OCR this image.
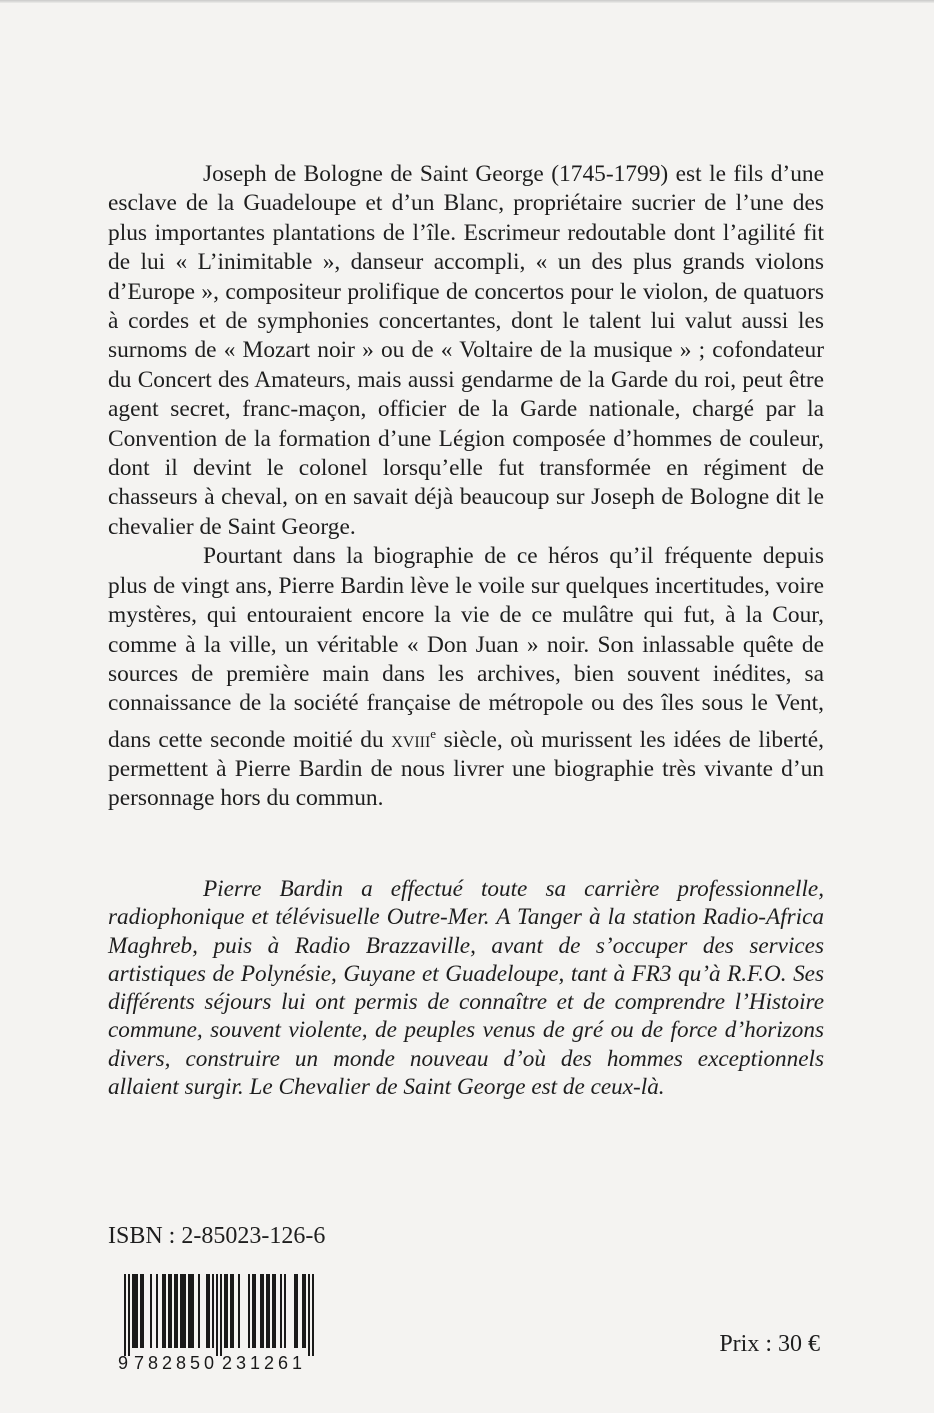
Joseph de Bologne de Saint George (1745-1799) est le fils d’une esclave de la Guadeloupe et d’un Blanc, propriétaire sucrier de l’une des plus importantes plantations de l’île. Escrimeur redoutable dont l’agilité fit de lui « L’inimitable », danseur accompli, « un des plus grands violons d’Europe », compositeur prolifique de concertos pour le violon, de quatuors à cordes et de symphonies concertantes, dont le talent lui valut aussi les surnoms de « Mozart noir » ou de « Voltaire de la musique » ; cofondateur du Concert des Amateurs, mais aussi gendarme de la Garde du roi, peut être agent secret, franc-maçon, officier de la Garde nationale, chargé par la Convention de la formation d’une Légion composée d’hommes de couleur, dont il devint le colonel lorsqu’elle fut transformée en régiment de chasseurs à cheval, on en savait déjà beaucoup sur Joseph de Bologne dit le chevalier de Saint George.

Pourtant dans la biographie de ce héros qu’il fréquente depuis plus de vingt ans, Pierre Bardin lève le voile sur quelques incertitudes, voire mystères, qui entouraient encore la vie de ce mulâtre qui fut, à la Cour, comme à la ville, un véritable « Don Juan » noir. Son inlassable quête de sources de première main dans les archives, bien souvent inédites, sa connaissance de la société française de métropole ou des îles sous le Vent, dans cette seconde moitié du xviii$^e$ siècle, où murissent les idées de liberté, permettent à Pierre Bardin de nous livrer une biographie très vivante d’un personnage hors du commun.

Pierre Bardin a effectué toute sa carrière professionnelle, radiophonique et télévisuelle Outre-Mer. A Tanger à la station Radio-Africa Maghreb, puis à Radio Brazzaville, avant de s’occuper des services artistiques de Polynésie, Guyane et Guadeloupe, tant à FR3 qu’à R.F.O. Ses différents séjours lui ont permis de connaître et de comprendre l’Histoire commune, souvent violente, de peuples venus de gré ou de force d’horizons divers, construire un monde nouveau d’où des hommes exceptionnels allaient surgir. Le Chevalier de Saint George est de ceux-là.

ISBN : 2-85023-126-6
9 782850 231261
Prix : 30 €
